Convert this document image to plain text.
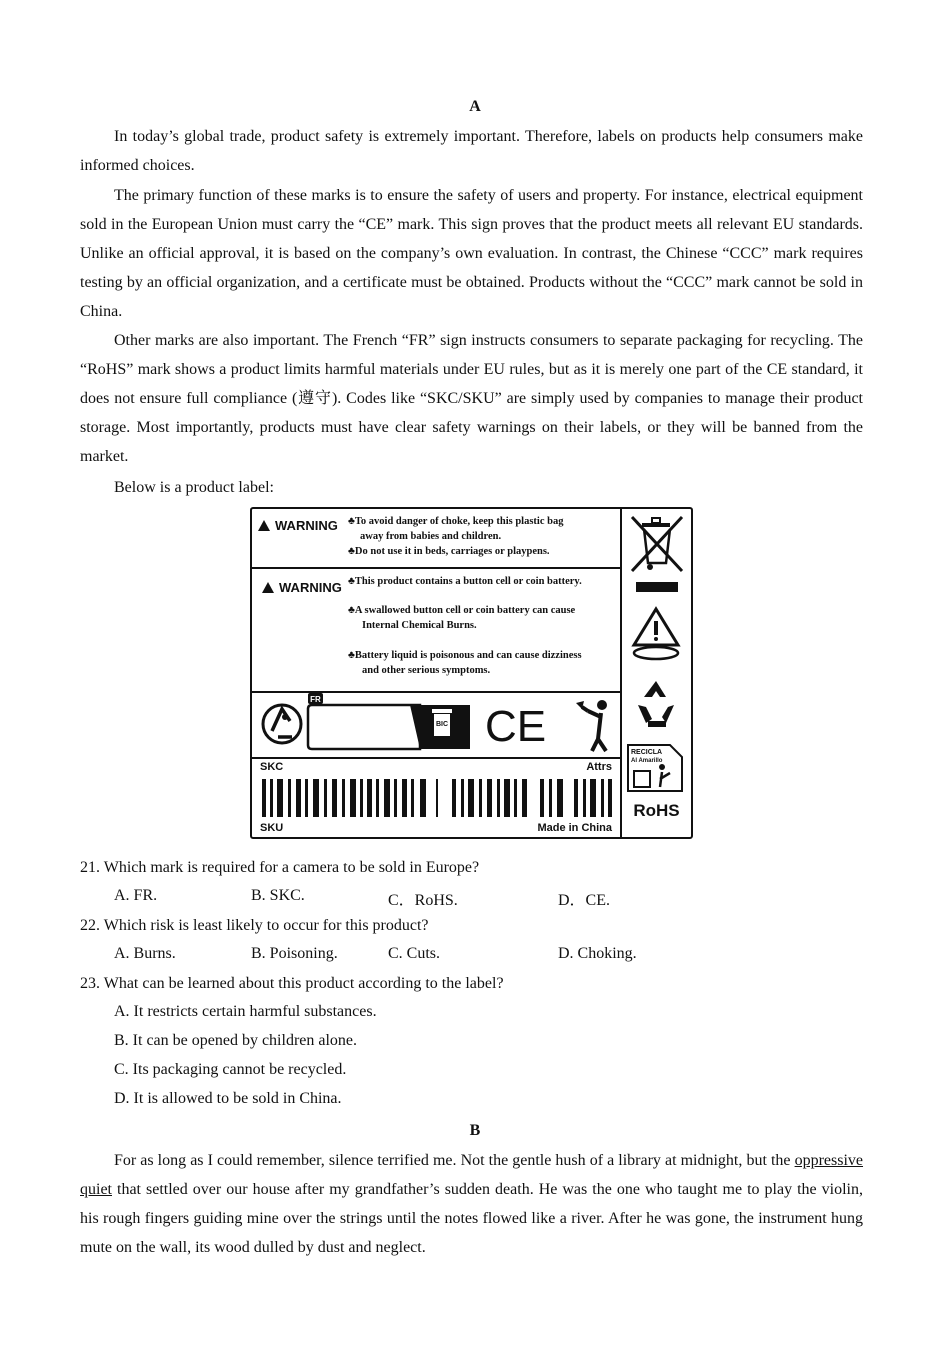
A

In today’s global trade, product safety is extremely important. Therefore, labels on products help consumers make informed choices.

The primary function of these marks is to ensure the safety of users and property. For instance, electrical equipment sold in the European Union must carry the “CE” mark. This sign proves that the product meets all relevant EU standards. Unlike an official approval, it is based on the company’s own evaluation. In contrast, the Chinese “CCC” mark requires testing by an official organization, and a certificate must be obtained. Products without the “CCC” mark cannot be sold in China.

Other marks are also important. The French “FR” sign instructs consumers to separate packaging for recycling. The “RoHS” mark shows a product limits harmful materials under EU rules, but as it is merely one part of the CE standard, it does not ensure full compliance (遵守). Codes like “SKC/SKU” are simply used by companies to manage their product storage. Most importantly, products must have clear safety warnings on their labels, or they will be banned from the market.

Below is a product label:

WARNING ♣To avoid danger of choke, keep this plastic bag
away from babies and children.
♣Do not use it in beds, carriages or playpens.
WARNING ♣This product contains a button cell or coin battery.
♣A swallowed button cell or coin battery can cause
Internal Chemical Burns.
♣Battery liquid is poisonous and can cause dizziness
and other serious symptoms.
FR
BIC CE
SKC	Attrs
SKU	Made in China
RECICLA
Al Amarillo
RoHS
21. Which mark is required for a camera to be sold in Europe?
A. FR.	B. SKC.	C．RoHS.	D．CE.
22. Which risk is least likely to occur for this product?
A. Burns.	B. Poisoning.	C. Cuts.	D. Choking.
23. What can be learned about this product according to the label?
A. It restricts certain harmful substances.
B. It can be opened by children alone.
C. Its packaging cannot be recycled.
D. It is allowed to be sold in China.
B

For as long as I could remember, silence terrified me. Not the gentle hush of a library at midnight, but the oppressive quiet that settled over our house after my grandfather’s sudden death. He was the one who taught me to play the violin, his rough fingers guiding mine over the strings until the notes flowed like a river. After he was gone, the instrument hung mute on the wall, its wood dulled by dust and neglect.
